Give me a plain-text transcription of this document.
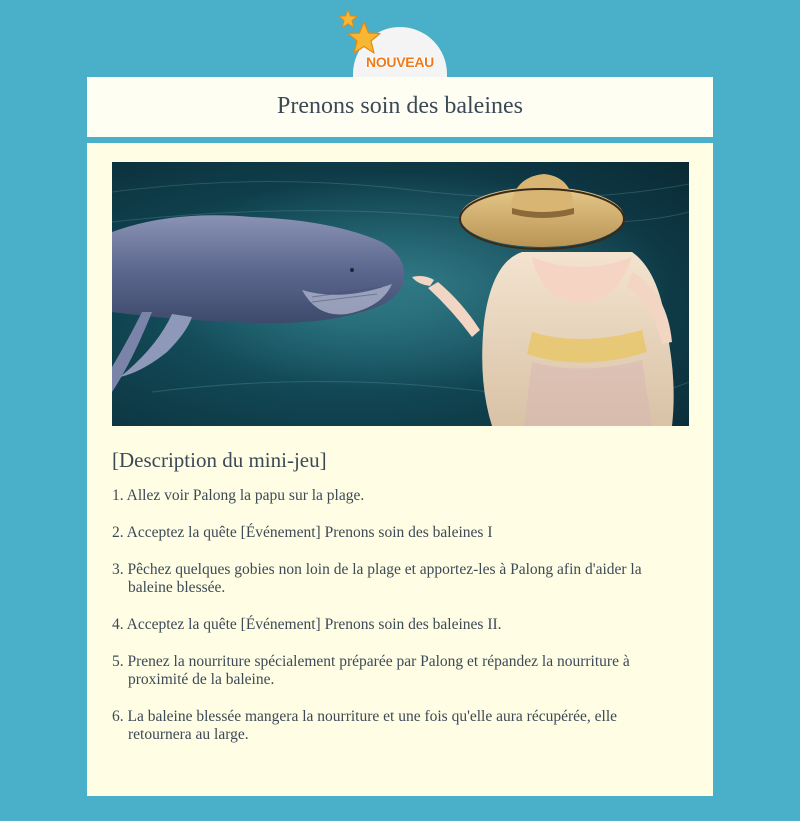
NOUVEAU
Prenons soin des baleines
[Description du mini-jeu]
1. Allez voir Palong la papu sur la plage.
2. Acceptez la quête [Événement] Prenons soin des baleines I
3. Pêchez quelques gobies non loin de la plage et apportez-les à Palong afin d'aider la baleine blessée.
4. Acceptez la quête [Événement] Prenons soin des baleines II.
5. Prenez la nourriture spécialement préparée par Palong et répandez la nourriture à proximité de la baleine.
6. La baleine blessée mangera la nourriture et une fois qu'elle aura récupérée, elle retournera au large.
